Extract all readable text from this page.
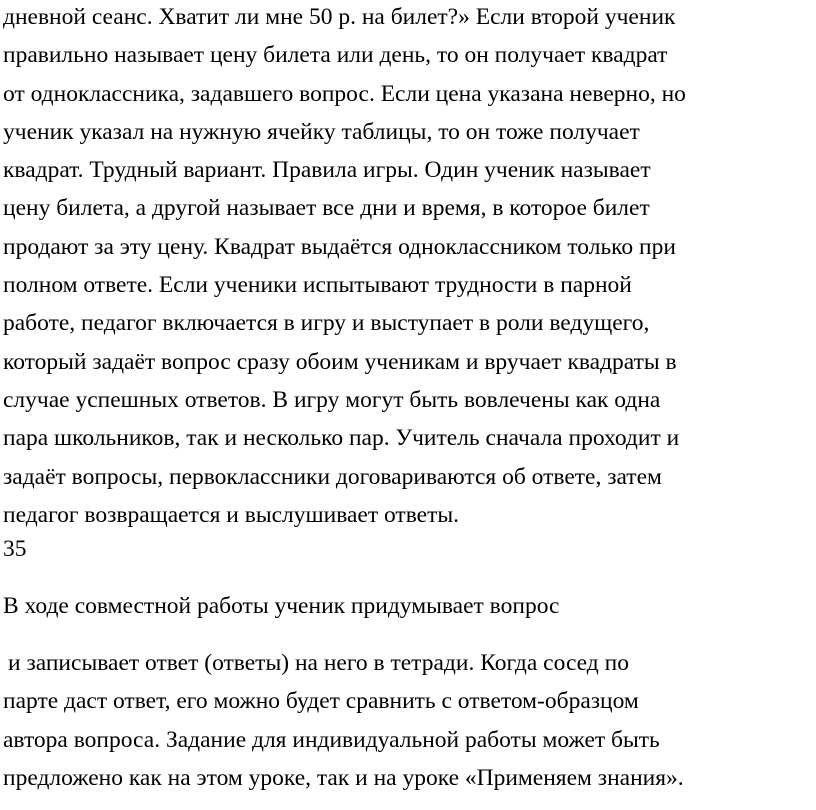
дневной сеанс. Хватит ли мне 50 р. на билет?» Если второй ученик
правильно называет цену билета или день, то он получает квадрат
от одноклассника, задавшего вопрос. Если цена указана неверно, но
ученик указал на нужную ячейку таблицы, то он тоже получает
квадрат. Трудный вариант. Правила игры. Один ученик называет
цену билета, а другой называет все дни и время, в которое билет
продают за эту цену. Квадрат выдаётся одноклассником только при
полном ответе. Если ученики испытывают трудности в парной
работе, педагог включается в игру и выступает в роли ведущего,
который задаёт вопрос сразу обоим ученикам и вручает квадраты в
случае успешных ответов. В игру могут быть вовлечены как одна
пара школьников, так и несколько пар. Учитель сначала проходит и
задаёт вопросы, первоклассники договариваются об ответе, затем
педагог возвращается и выслушивает ответы.
35
В ходе совместной работы ученик придумывает вопрос
и записывает ответ (ответы) на него в тетради. Когда сосед по
парте даст ответ, его можно будет сравнить с ответом-образцом
автора вопроса. Задание для индивидуальной работы может быть
предложено как на этом уроке, так и на уроке «Применяем знания».
